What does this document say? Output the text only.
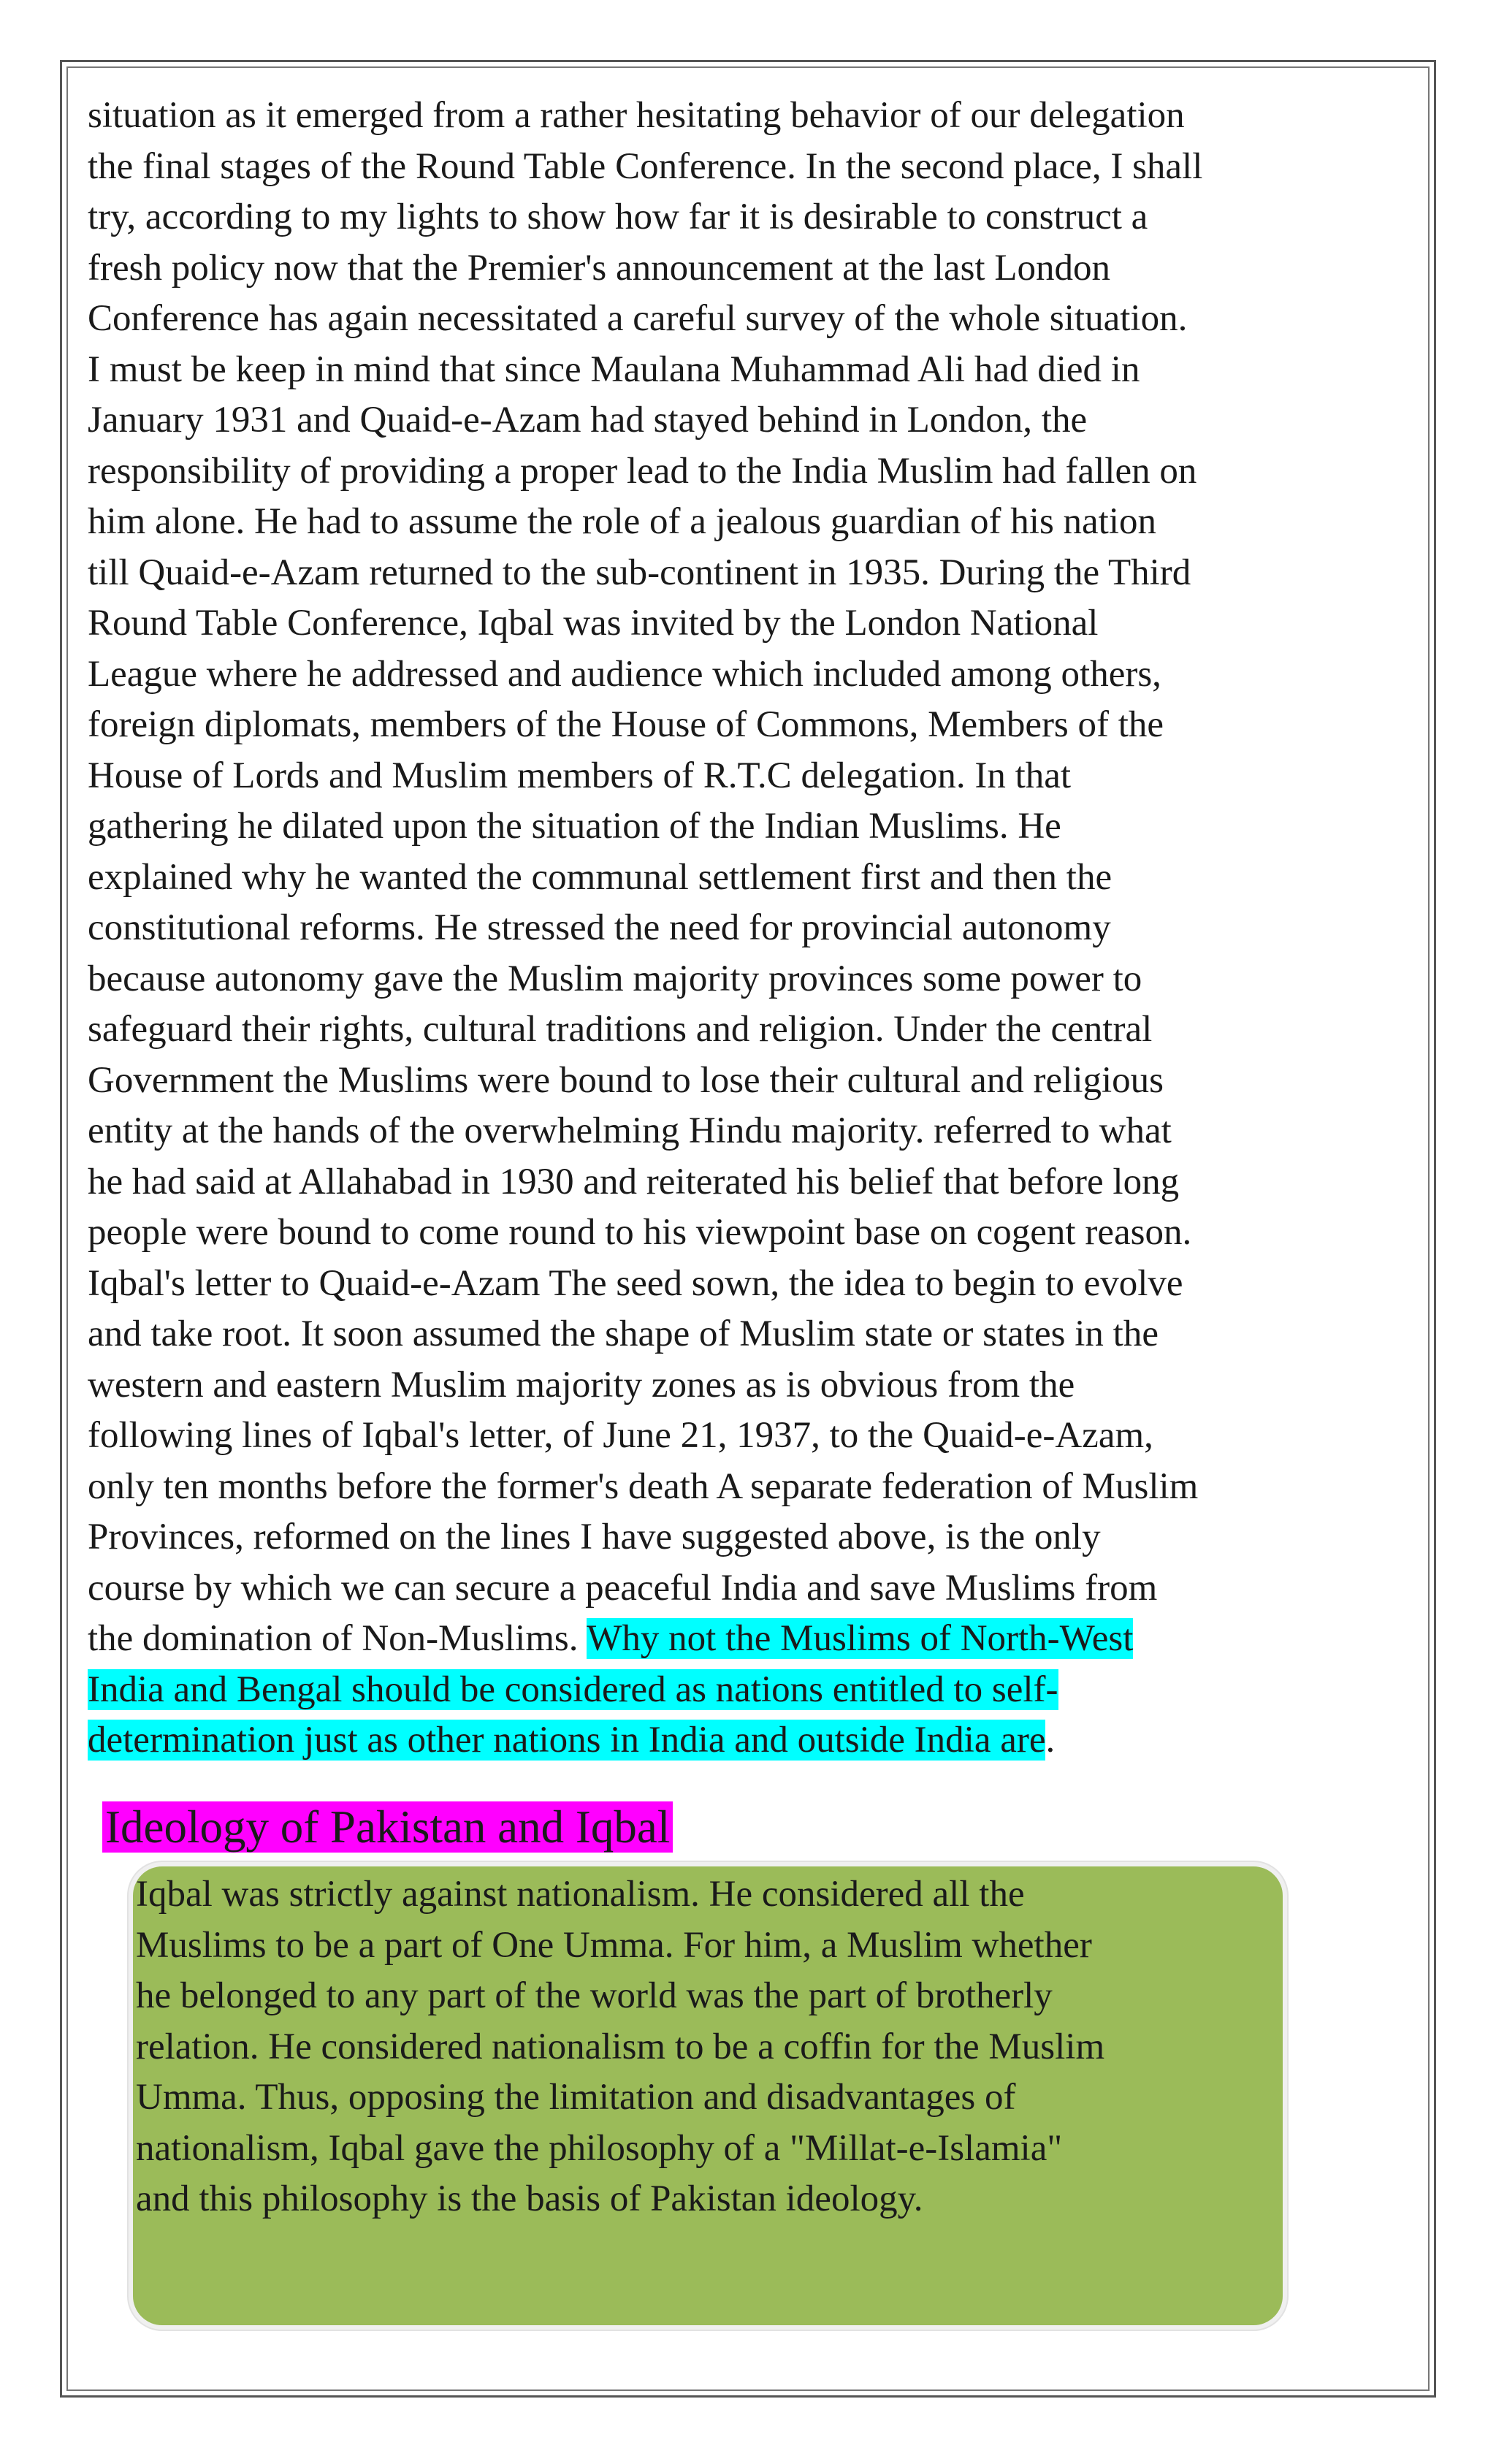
situation as it emerged from a rather hesitating behavior of our delegation
the final stages of the Round Table Conference. In the second place, I shall
try, according to my lights to show how far it is desirable to construct a
fresh policy now that the Premier's announcement at the last London
Conference has again necessitated a careful survey of the whole situation.
I must be keep in mind that since Maulana Muhammad Ali had died in
January 1931 and Quaid-e-Azam had stayed behind in London, the
responsibility of providing a proper lead to the India Muslim had fallen on
him alone. He had to assume the role of a jealous guardian of his nation
till Quaid-e-Azam returned to the sub-continent in 1935. During the Third
Round Table Conference, Iqbal was invited by the London National
League where he addressed and audience which included among others,
foreign diplomats, members of the House of Commons, Members of the
House of Lords and Muslim members of R.T.C delegation. In that
gathering he dilated upon the situation of the Indian Muslims. He
explained why he wanted the communal settlement first and then the
constitutional reforms. He stressed the need for provincial autonomy
because autonomy gave the Muslim majority provinces some power to
safeguard their rights, cultural traditions and religion. Under the central
Government the Muslims were bound to lose their cultural and religious
entity at the hands of the overwhelming Hindu majority. referred to what
he had said at Allahabad in 1930 and reiterated his belief that before long
people were bound to come round to his viewpoint base on cogent reason.
Iqbal's letter to Quaid-e-Azam The seed sown, the idea to begin to evolve
and take root. It soon assumed the shape of Muslim state or states in the
western and eastern Muslim majority zones as is obvious from the
following lines of Iqbal's letter, of June 21, 1937, to the Quaid-e-Azam,
only ten months before the former's death A separate federation of Muslim
Provinces, reformed on the lines I have suggested above, is the only
course by which we can secure a peaceful India and save Muslims from
the domination of Non-Muslims. Why not the Muslims of North-West
India and Bengal should be considered as nations entitled to self-
determination just as other nations in India and outside India are.
Ideology of Pakistan and Iqbal
Iqbal was strictly against nationalism. He considered all the
Muslims to be a part of One Umma. For him, a Muslim whether
he belonged to any part of the world was the part of brotherly
relation. He considered nationalism to be a coffin for the Muslim
Umma. Thus, opposing the limitation and disadvantages of
nationalism, Iqbal gave the philosophy of a "Millat-e-Islamia"
and this philosophy is the basis of Pakistan ideology.
